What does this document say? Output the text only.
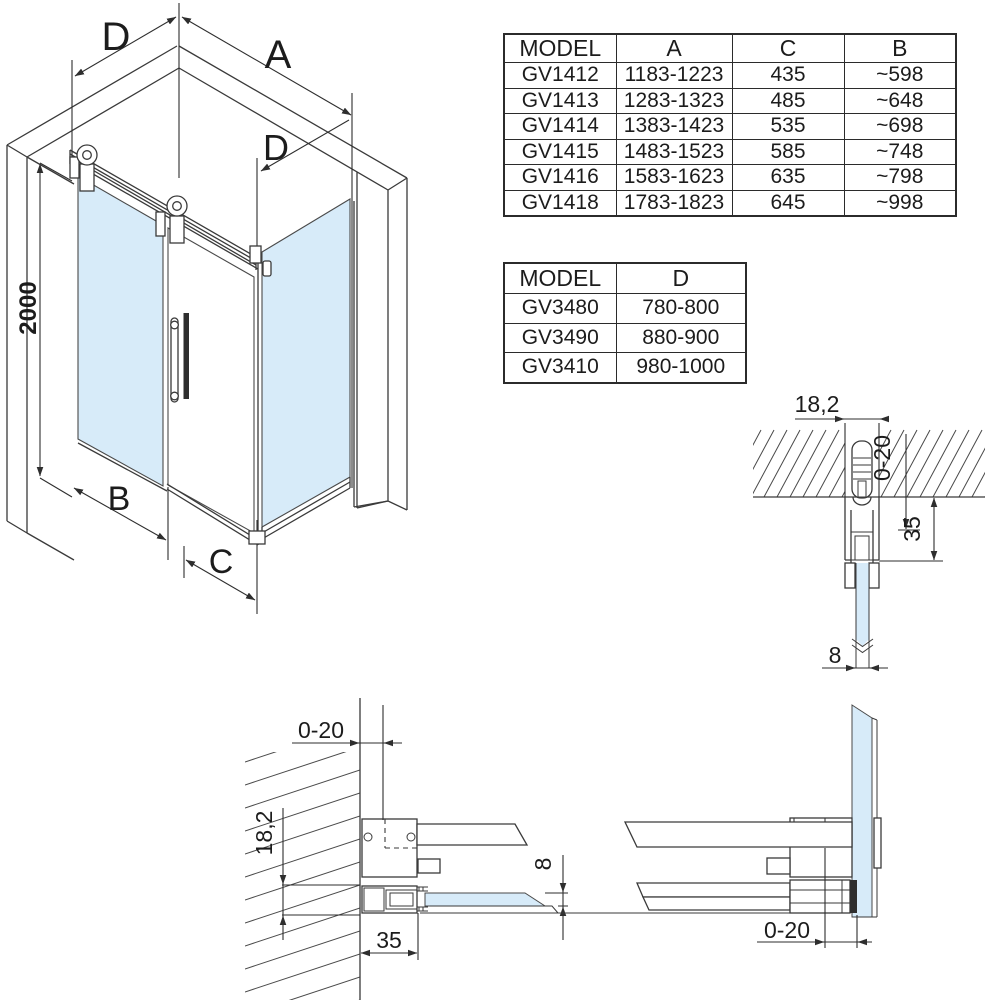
D	A
D
2000
B
C
MODEL	A	C	B
GV1412	1183-1223	435	~598
GV1413	1283-1323	485	~648
GV1414	1383-1423	535	~698
GV1415	1483-1523	585	~748
GV1416	1583-1623	635	~798
GV1418	1783-1823	645	~998
MODEL	D
GV3480	780-800
GV3490	880-900
GV3410	980-1000
18,2
0-20
35
8
0-20
18,2
35
8
0-20
